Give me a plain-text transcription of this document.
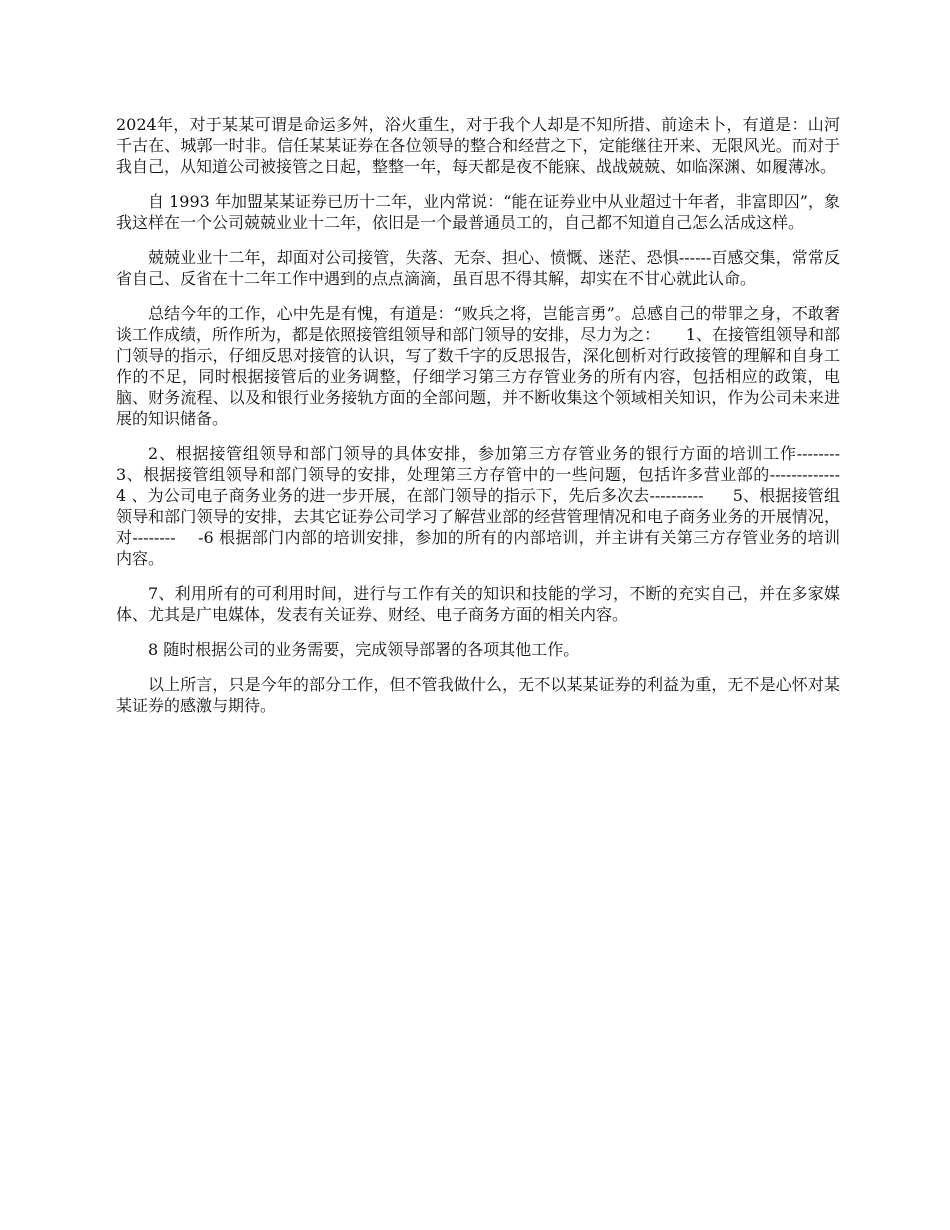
2024年，对于某某可谓是命运多舛，浴火重生，对于我个人却是不知所措、前途未卜，有道是：山河千古在、城郭一时非。信任某某证券在各位领导的整合和经营之下，定能继往开来、无限风光。而对于我自己，从知道公司被接管之日起，整整一年，每天都是夜不能寐、战战兢兢、如临深渊、如履薄冰。

自 1993 年加盟某某证券已历十二年，业内常说：“能在证券业中从业超过十年者，非富即囚”，象我这样在一个公司兢兢业业十二年，依旧是一个最普通员工的，自己都不知道自己怎么活成这样。

兢兢业业十二年，却面对公司接管，失落、无奈、担心、愤慨、迷茫、恐惧------百感交集，常常反省自己、反省在十二年工作中遇到的点点滴滴，虽百思不得其解，却实在不甘心就此认命。

总结今年的工作，心中先是有愧，有道是：“败兵之将，岂能言勇”。总感自己的带罪之身，不敢奢谈工作成绩，所作所为，都是依照接管组领导和部门领导的安排，尽力为之：	1、在接管组领导和部门领导的指示，仔细反思对接管的认识，写了数千字的反思报告，深化刨析对行政接管的理解和自身工作的不足，同时根据接管后的业务调整，仔细学习第三方存管业务的所有内容，包括相应的政策，电脑、财务流程、以及和银行业务接轨方面的全部问题，并不断收集这个领域相关知识，作为公司未来进展的知识储备。

2、根据接管组领导和部门领导的具体安排，参加第三方存管业务的银行方面的培训工作--------	3、根据接管组领导和部门领导的安排，处理第三方存管中的一些问题，包括许多营业部的-------------	4 、为公司电子商务业务的进一步开展，在部门领导的指示下，先后多次去----------	5、根据接管组领导和部门领导的安排，去其它证券公司学习了解营业部的经营管理情况和电子商务业务的开展情况，对--------	-6 根据部门内部的培训安排，参加的所有的内部培训，并主讲有关第三方存管业务的培训内容。

7、利用所有的可利用时间，进行与工作有关的知识和技能的学习，不断的充实自己，并在多家媒体、尤其是广电媒体，发表有关证券、财经、电子商务方面的相关内容。

8 随时根据公司的业务需要，完成领导部署的各项其他工作。

以上所言，只是今年的部分工作，但不管我做什么，无不以某某证券的利益为重，无不是心怀对某某证券的感激与期待。
